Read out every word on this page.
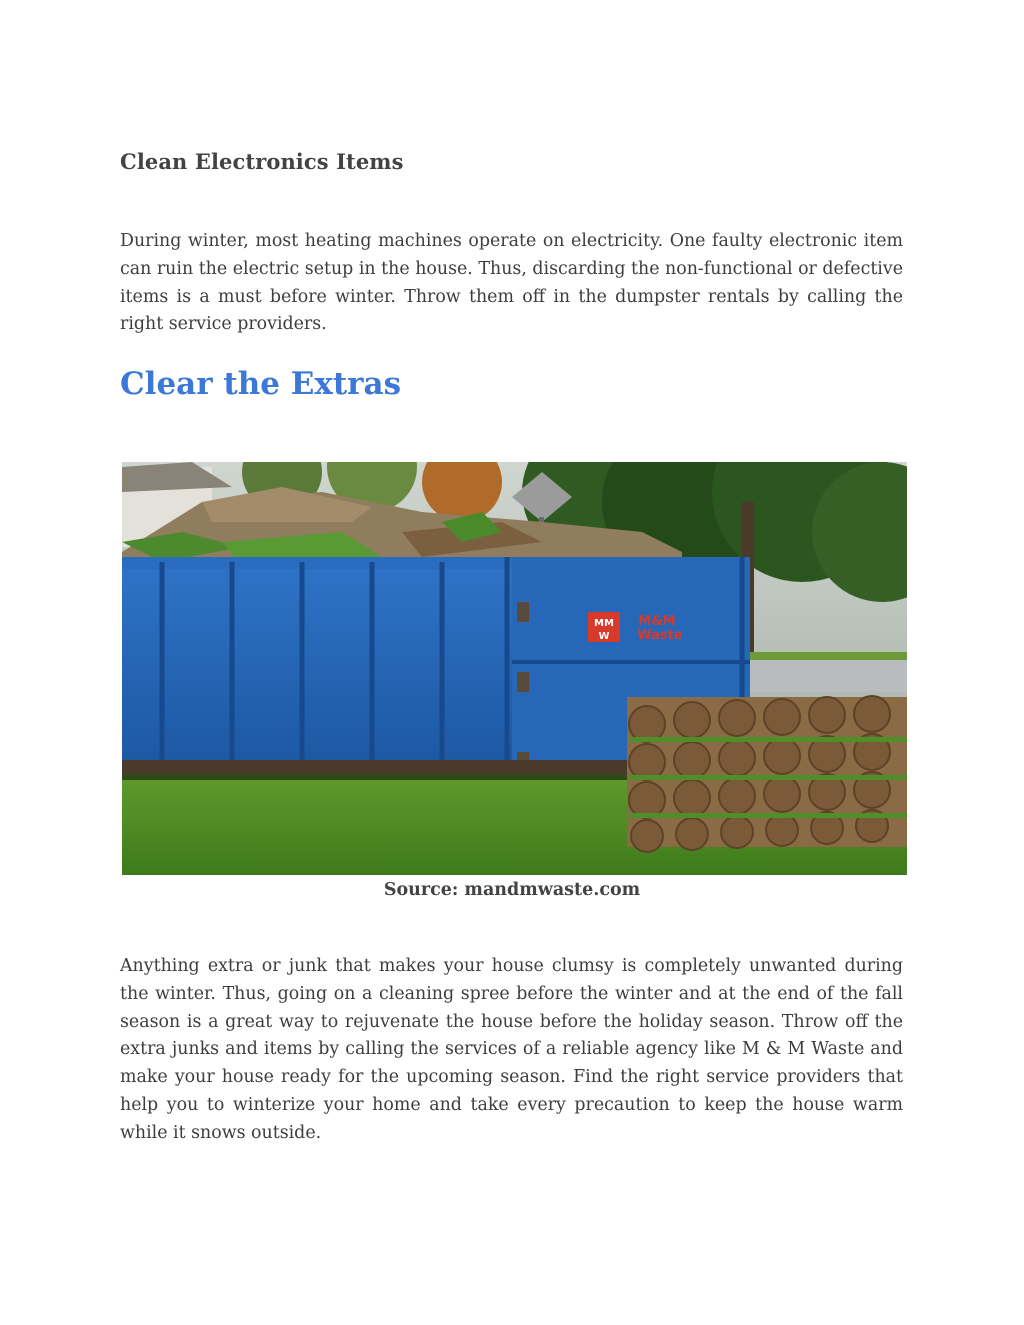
Clean Electronics Items

During winter, most heating machines operate on electricity. One faulty electronic item can ruin the electric setup in the house. Thus, discarding the non-functional or defective items is a must before winter. Throw them off in the dumpster rentals by calling the right service providers.

Clear the Extras
MM
W
M&M
Waste

Source: mandmwaste.com

Anything extra or junk that makes your house clumsy is completely unwanted during the winter. Thus, going on a cleaning spree before the winter and at the end of the fall season is a great way to rejuvenate the house before the holiday season. Throw off the extra junks and items by calling the services of a reliable agency like M & M Waste and make your house ready for the upcoming season. Find the right service providers that help you to winterize your home and take every precaution to keep the house warm while it snows outside.
